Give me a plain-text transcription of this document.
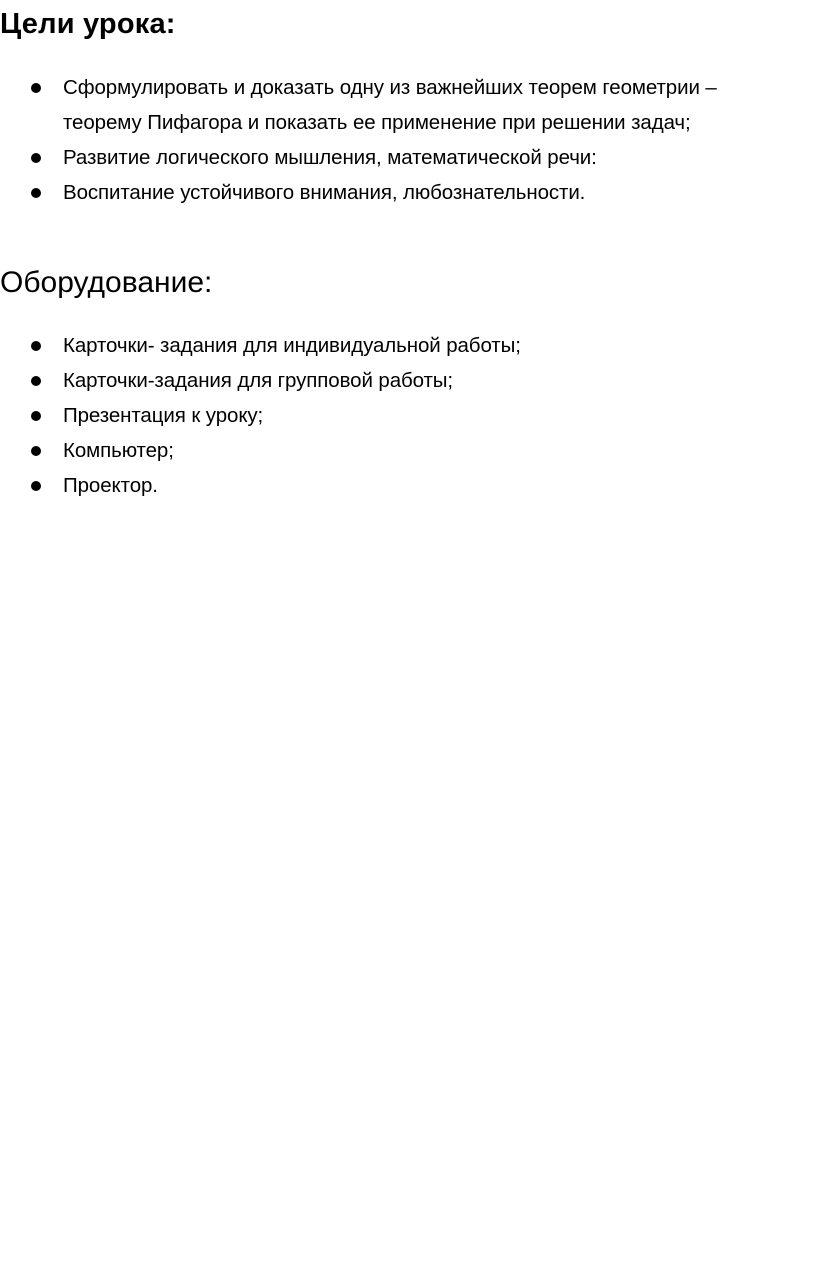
Цели урока:
Сформулировать и доказать одну из важнейших теорем геометрии – теорему Пифагора и показать ее применение при решении задач;
Развитие логического мышления, математической речи:
Воспитание устойчивого внимания, любознательности.
Оборудование:
Карточки- задания для индивидуальной работы;
Карточки-задания для групповой работы;
Презентация к уроку;
Компьютер;
Проектор.
